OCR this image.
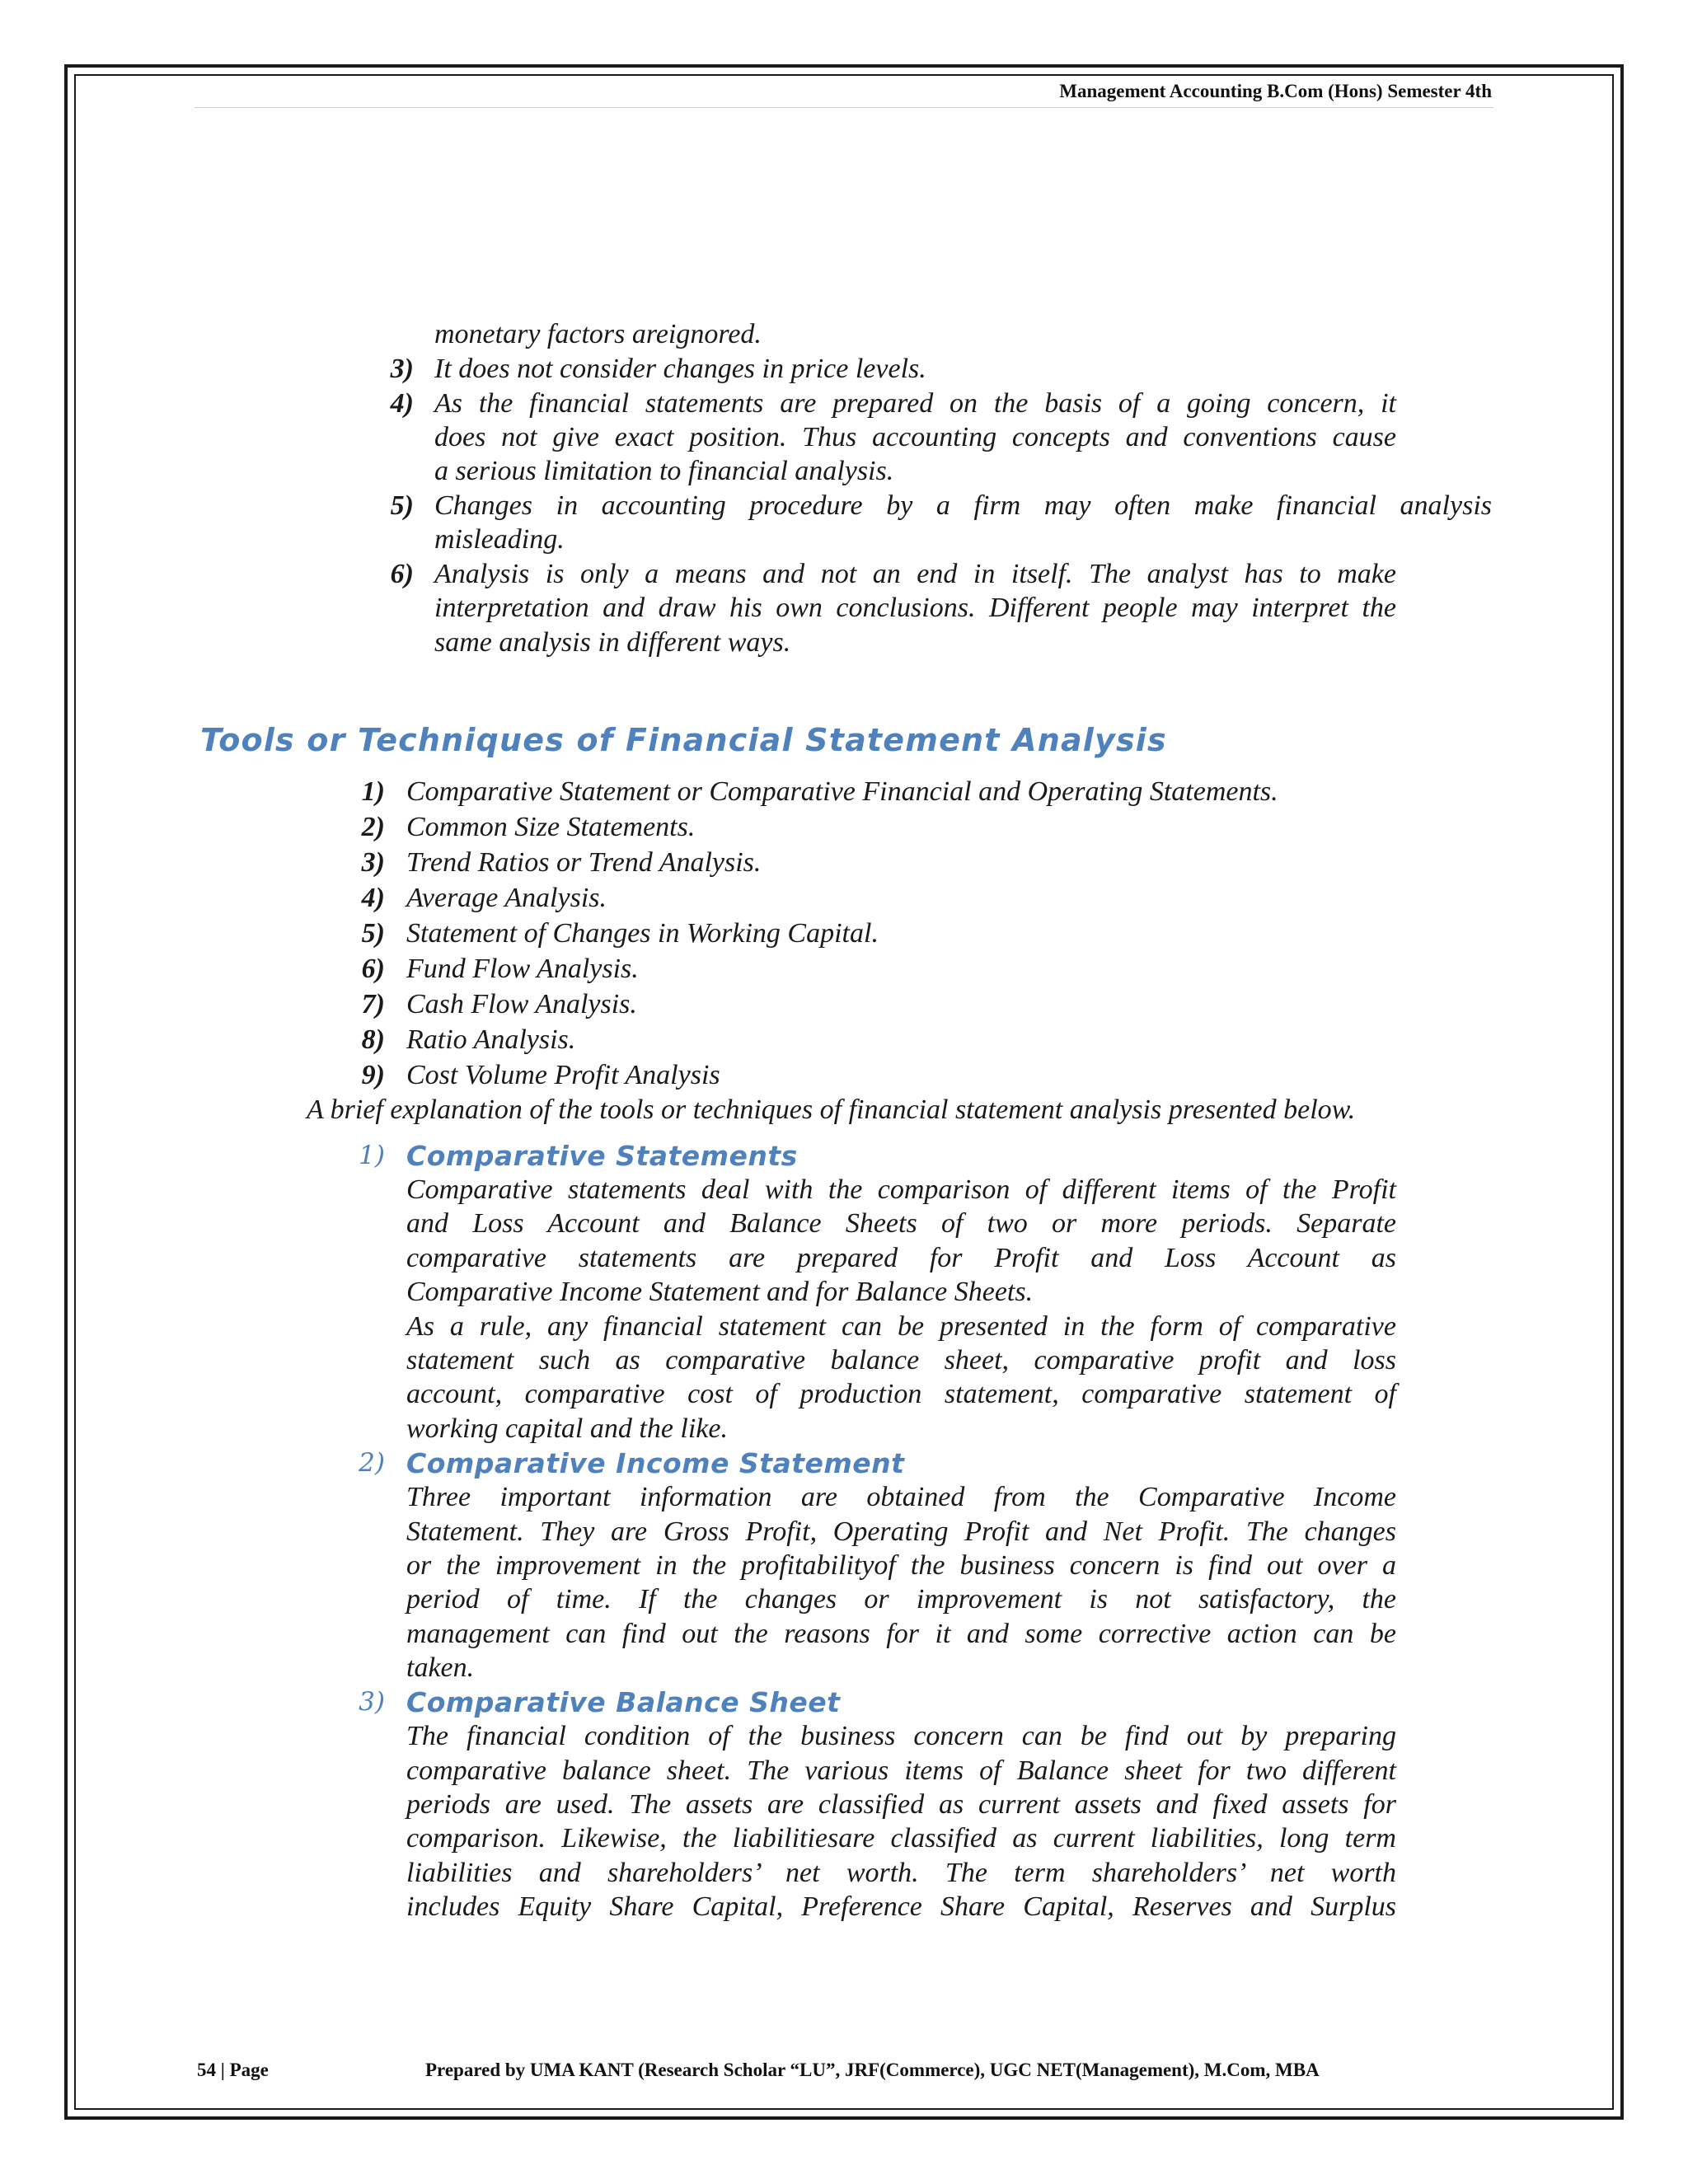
Management Accounting B.Com (Hons) Semester 4th
monetary factors areignored.
3) It does not consider changes in price levels.
4) As the financial statements are prepared on the basis of a going concern, it
does not give exact position. Thus accounting concepts and conventions cause
a serious limitation to financial analysis.
5) Changes in accounting procedure by a firm may often make financial analysis
misleading.
6) Analysis is only a means and not an end in itself. The analyst has to make
interpretation and draw his own conclusions. Different people may interpret the
same analysis in different ways.
Tools or Techniques of Financial Statement Analysis
1) Comparative Statement or Comparative Financial and Operating Statements.
2) Common Size Statements.
3) Trend Ratios or Trend Analysis.
4) Average Analysis.
5) Statement of Changes in Working Capital.
6) Fund Flow Analysis.
7) Cash Flow Analysis.
8) Ratio Analysis.
9) Cost Volume Profit Analysis
A brief explanation of the tools or techniques of financial statement analysis presented below.
1) Comparative Statements
Comparative statements deal with the comparison of different items of the Profit
and Loss Account and Balance Sheets of two or more periods. Separate
comparative statements are prepared for Profit and Loss Account as
Comparative Income Statement and for Balance Sheets.
As a rule, any financial statement can be presented in the form of comparative
statement such as comparative balance sheet, comparative profit and loss
account, comparative cost of production statement, comparative statement of
working capital and the like.
2) Comparative Income Statement
Three important information are obtained from the Comparative Income
Statement. They are Gross Profit, Operating Profit and Net Profit. The changes
or the improvement in the profitabilityof the business concern is find out over a
period of time. If the changes or improvement is not satisfactory, the
management can find out the reasons for it and some corrective action can be
taken.
3) Comparative Balance Sheet
The financial condition of the business concern can be find out by preparing
comparative balance sheet. The various items of Balance sheet for two different
periods are used. The assets are classified as current assets and fixed assets for
comparison. Likewise, the liabilitiesare classified as current liabilities, long term
liabilities and shareholders’ net worth. The term shareholders’ net worth
includes Equity Share Capital, Preference Share Capital, Reserves and Surplus
54 | Page	Prepared by UMA KANT (Research Scholar “LU”, JRF(Commerce), UGC NET(Management), M.Com, MBA
